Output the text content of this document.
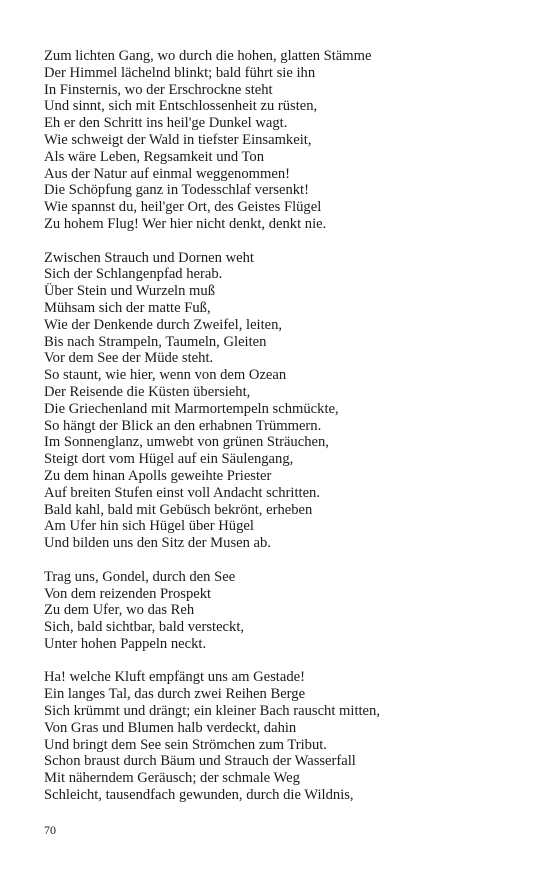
Zum lichten Gang, wo durch die hohen, glatten Stämme
Der Himmel lächelnd blinkt; bald führt sie ihn
In Finsternis, wo der Erschrockne steht
Und sinnt, sich mit Entschlossenheit zu rüsten,
Eh er den Schritt ins heil'ge Dunkel wagt.
Wie schweigt der Wald in tiefster Einsamkeit,
Als wäre Leben, Regsamkeit und Ton
Aus der Natur auf einmal weggenommen!
Die Schöpfung ganz in Todesschlaf versenkt!
Wie spannst du, heil'ger Ort, des Geistes Flügel
Zu hohem Flug! Wer hier nicht denkt, denkt nie.
Zwischen Strauch und Dornen weht
Sich der Schlangenpfad herab.
Über Stein und Wurzeln muß
Mühsam sich der matte Fuß,
Wie der Denkende durch Zweifel, leiten,
Bis nach Strampeln, Taumeln, Gleiten
Vor dem See der Müde steht.
So staunt, wie hier, wenn von dem Ozean
Der Reisende die Küsten übersieht,
Die Griechenland mit Marmortempeln schmückte,
So hängt der Blick an den erhabnen Trümmern.
Im Sonnenglanz, umwebt von grünen Sträuchen,
Steigt dort vom Hügel auf ein Säulengang,
Zu dem hinan Apolls geweihte Priester
Auf breiten Stufen einst voll Andacht schritten.
Bald kahl, bald mit Gebüsch bekrönt, erheben
Am Ufer hin sich Hügel über Hügel
Und bilden uns den Sitz der Musen ab.
Trag uns, Gondel, durch den See
Von dem reizenden Prospekt
Zu dem Ufer, wo das Reh
Sich, bald sichtbar, bald versteckt,
Unter hohen Pappeln neckt.
Ha! welche Kluft empfängt uns am Gestade!
Ein langes Tal, das durch zwei Reihen Berge
Sich krümmt und drängt; ein kleiner Bach rauscht mitten,
Von Gras und Blumen halb verdeckt, dahin
Und bringt dem See sein Strömchen zum Tribut.
Schon braust durch Bäum und Strauch der Wasserfall
Mit näherndem Geräusch; der schmale Weg
Schleicht, tausendfach gewunden, durch die Wildnis,
70
